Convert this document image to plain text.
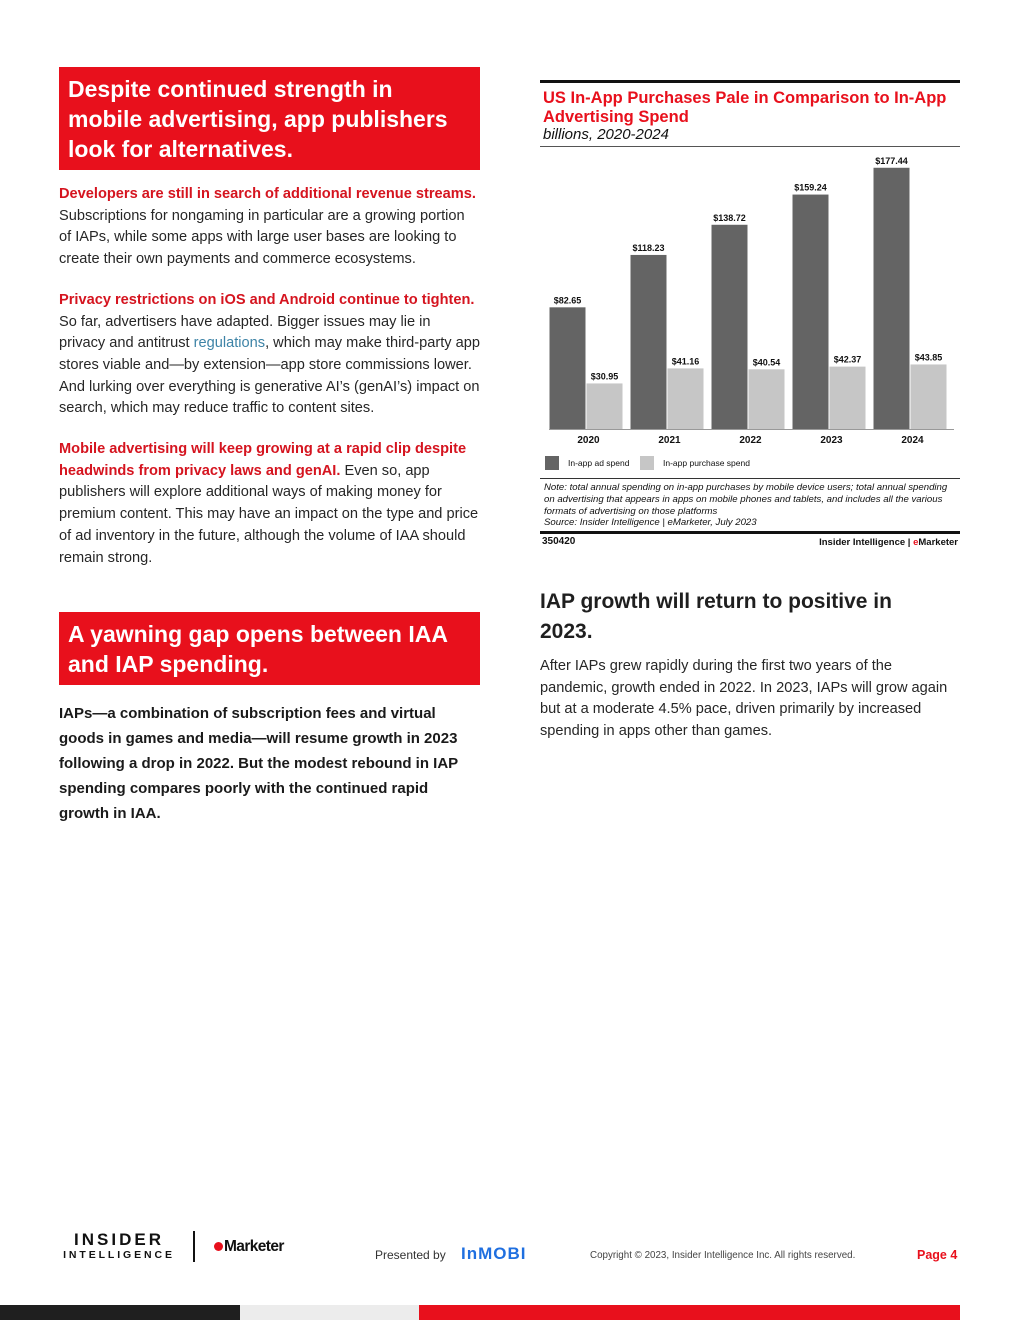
Despite continued strength in mobile advertising, app publishers look for alternatives.

Developers are still in search of additional revenue streams. Subscriptions for nongaming in particular are a growing portion of IAPs, while some apps with large user bases are looking to create their own payments and commerce ecosystems.

Privacy restrictions on iOS and Android continue to tighten. So far, advertisers have adapted. Bigger issues may lie in privacy and antitrust regulations, which may make third-party app stores viable and—by extension—app store commissions lower. And lurking over everything is generative AI’s (genAI’s) impact on search, which may reduce traffic to content sites.

Mobile advertising will keep growing at a rapid clip despite headwinds from privacy laws and genAI. Even so, app publishers will explore additional ways of making money for premium content. This may have an impact on the type and price of ad inventory in the future, although the volume of IAA should remain strong.

A yawning gap opens between IAA and IAP spending.
IAPs—a combination of subscription fees and virtual goods in games and media—will resume growth in 2023 following a drop in 2022. But the modest rebound in IAP spending compares poorly with the continued rapid growth in IAA.
US In-App Purchases Pale in Comparison to In-App Advertising Spend
billions, 2020-2024
$82.65
$30.95
2020
$118.23
$41.16
2021
$138.72
$40.54
2022
$159.24
$42.37
2023
$177.44
$43.85
2024
In-app ad spend	In-app purchase spend
Note: total annual spending on in-app purchases by mobile device users; total annual spending on advertising that appears in apps on mobile phones and tablets, and includes all the various formats of advertising on those platforms
Source: Insider Intelligence | eMarketer, July 2023
350420	Insider Intelligence | eMarketer
IAP growth will return to positive in 2023.
After IAPs grew rapidly during the first two years of the pandemic, growth ended in 2022. In 2023, IAPs will grow again but at a moderate 4.5% pace, driven primarily by increased spending in apps other than games.
INSIDER
INTELLIGENCE	Marketer	Presented by InMOBI	Copyright © 2023, Insider Intelligence Inc. All rights reserved.	Page 4
